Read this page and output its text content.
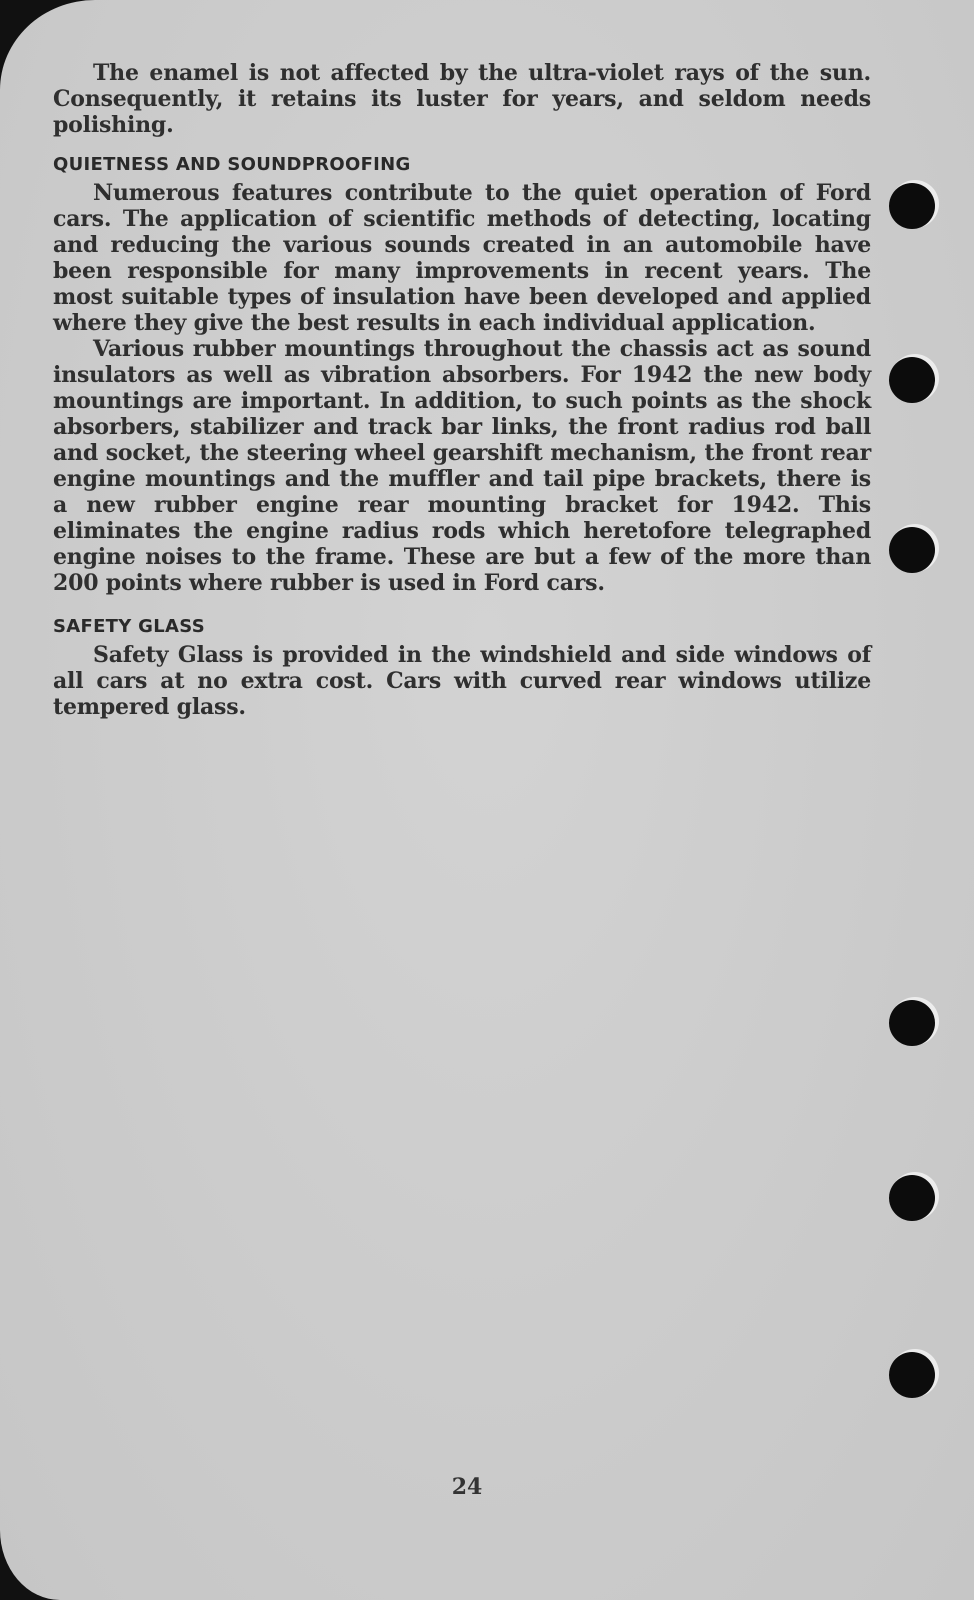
The enamel is not affected by the ultra-violet rays of the sun. Consequently, it retains its luster for years, and seldom needs polishing.

QUIETNESS AND SOUNDPROOFING

Numerous features contribute to the quiet operation of Ford cars. The application of scientific methods of detecting, locating and reducing the various sounds created in an automobile have been responsible for many improvements in recent years. The most suitable types of insulation have been developed and applied where they give the best results in each individual application.

Various rubber mountings throughout the chassis act as sound insulators as well as vibration absorbers. For 1942 the new body mountings are important. In addition, to such points as the shock absorbers, stabilizer and track bar links, the front radius rod ball and socket, the steering wheel gearshift mechanism, the front rear engine mountings and the muffler and tail pipe brackets, there is a new rubber engine rear mounting bracket for 1942. This eliminates the engine radius rods which heretofore telegraphed engine noises to the frame. These are but a few of the more than 200 points where rubber is used in Ford cars.

SAFETY GLASS

Safety Glass is provided in the windshield and side windows of all cars at no extra cost. Cars with curved rear windows utilize tempered glass.

24
